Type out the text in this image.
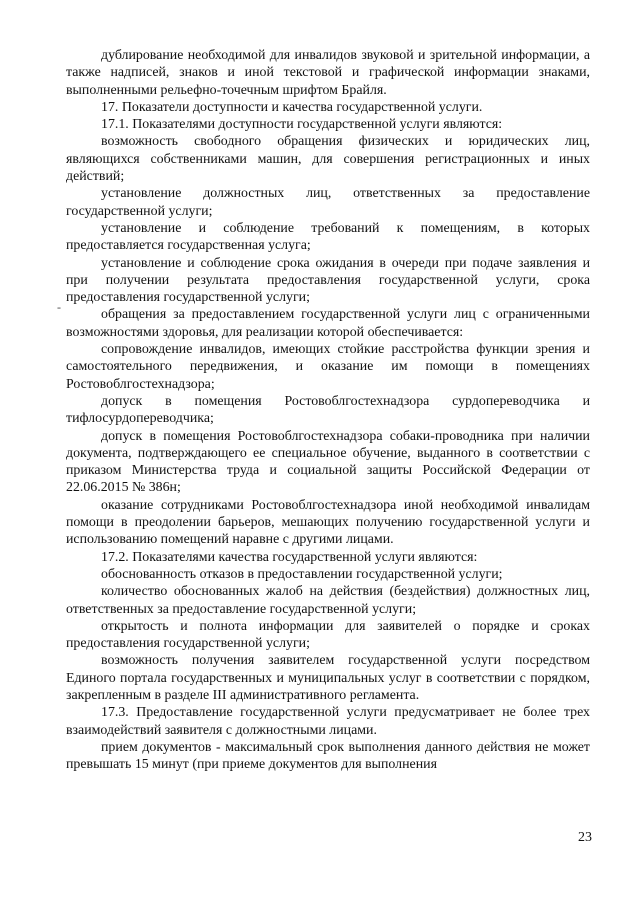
-

дублирование необходимой для инвалидов звуковой и зрительной информации, а также надписей, знаков и иной текстовой и графической информации знаками, выполненными рельефно-точечным шрифтом Брайля.

17. Показатели доступности и качества государственной услуги.

17.1. Показателями доступности государственной услуги являются:

возможность свободного обращения физических и юридических лиц, являющихся собственниками машин, для совершения регистрационных и иных действий;

установление должностных лиц, ответственных за предоставление государственной услуги;

установление и соблюдение требований к помещениям, в которых предоставляется государственная услуга;

установление и соблюдение срока ожидания в очереди при подаче заявления и при получении результата предоставления государственной услуги, срока предоставления государственной услуги;

обращения за предоставлением государственной услуги лиц с ограниченными возможностями здоровья, для реализации которой обеспечивается:

сопровождение инвалидов, имеющих стойкие расстройства функции зрения и самостоятельного передвижения, и оказание им помощи в помещениях Ростовоблгостехнадзора;

допуск в помещения Ростовоблгостехнадзора сурдопереводчика и тифлосурдопереводчика;

допуск в помещения Ростовоблгостехнадзора собаки-проводника при наличии документа, подтверждающего ее специальное обучение, выданного в соответствии с приказом Министерства труда и социальной защиты Российской Федерации от 22.06.2015 № 386н;

оказание сотрудниками Ростовоблгостехнадзора иной необходимой инвалидам помощи в преодолении барьеров, мешающих получению государственной услуги и использованию помещений наравне с другими лицами.

17.2. Показателями качества государственной услуги являются:

обоснованность отказов в предоставлении государственной услуги;

количество обоснованных жалоб на действия (бездействия) должностных лиц, ответственных за предоставление государственной услуги;

открытость и полнота информации для заявителей о порядке и сроках предоставления государственной услуги;

возможность получения заявителем государственной услуги посредством Единого портала государственных и муниципальных услуг в соответствии с порядком, закрепленным в разделе III административного регламента.

17.3. Предоставление государственной услуги предусматривает не более трех взаимодействий заявителя с должностными лицами.

прием документов - максимальный срок выполнения данного действия не может превышать 15 минут (при приеме документов для выполнения

23
